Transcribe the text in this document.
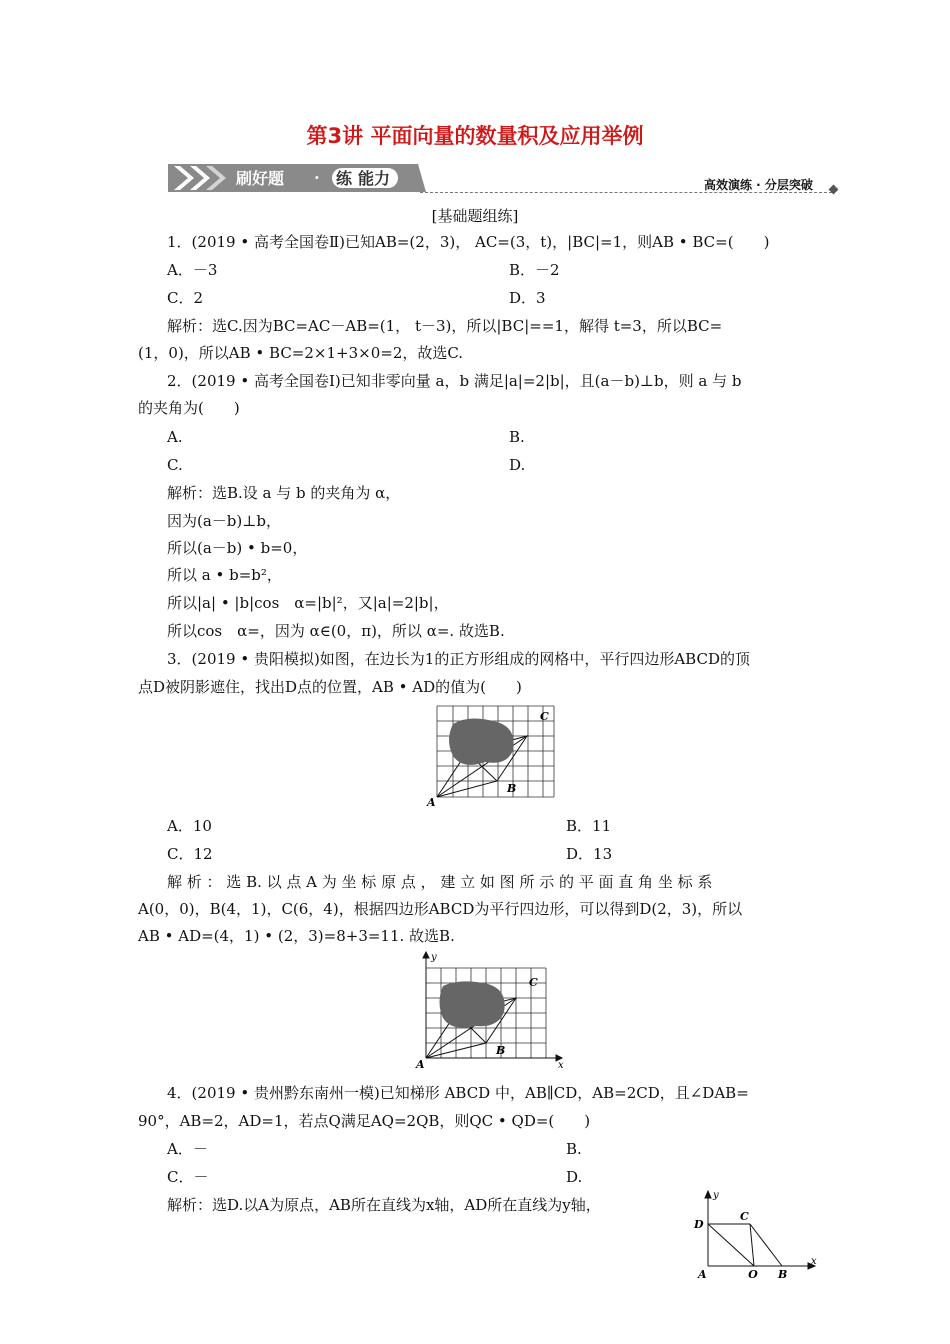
第3讲 平面向量的数量积及应用举例
刷好题 · 练 能力	高效演练 · 分层突破
[基础题组练]
1．(2019 • 高考全国卷Ⅱ)已知AB=(2，3)， AC=(3，t)，|BC|=1，则AB • BC=(　　)
A．－3	B．－2
C．2	D．3
解析：选C.因为BC=AC－AB=(1， t－3)，所以|BC|==1，解得 t=3，所以BC=
(1，0)，所以AB • BC=2×1+3×0=2，故选C.
2．(2019 • 高考全国卷Ⅰ)已知非零向量 a，b 满足|a|=2|b|，且(a－b)⊥b，则 a 与 b
的夹角为(　　)
A.	B.
C.	D.
解析：选B.设 a 与 b 的夹角为 α，
因为(a－b)⊥b，
所以(a－b) • b=0，
所以 a • b=b²，
所以|a| • |b|cos　α=|b|²，又|a|=2|b|，
所以cos　α=，因为 α∈(0，π)，所以 α=. 故选B.
3．(2019 • 贵阳模拟)如图，在边长为1的正方形组成的网格中，平行四边形ABCD的顶
点D被阴影遮住，找出D点的位置，AB • AD的值为(　　)
A
B
C
A．10	B．11
C．12	D．13
解 析 ： 选 B. 以 点 A 为 坐 标 原 点 ， 建 立 如 图 所 示 的 平 面 直 角 坐 标 系
A(0，0)，B(4，1)，C(6，4)，根据四边形ABCD为平行四边形，可以得到D(2，3)，所以
AB • AD=(4，1) • (2，3)=8+3=11. 故选B.
y
x
A
B
C
4．(2019 • 贵州黔东南州一模)已知梯形 ABCD 中，AB∥CD，AB=2CD，且∠DAB=
90°，AB=2，AD=1，若点Q满足AQ=2QB，则QC • QD=(　　)
A．－	B.
C．－	D.
解析：选D.以A为原点，AB所在直线为x轴，AD所在直线为y轴，
y
x
D
C
A	Q B
